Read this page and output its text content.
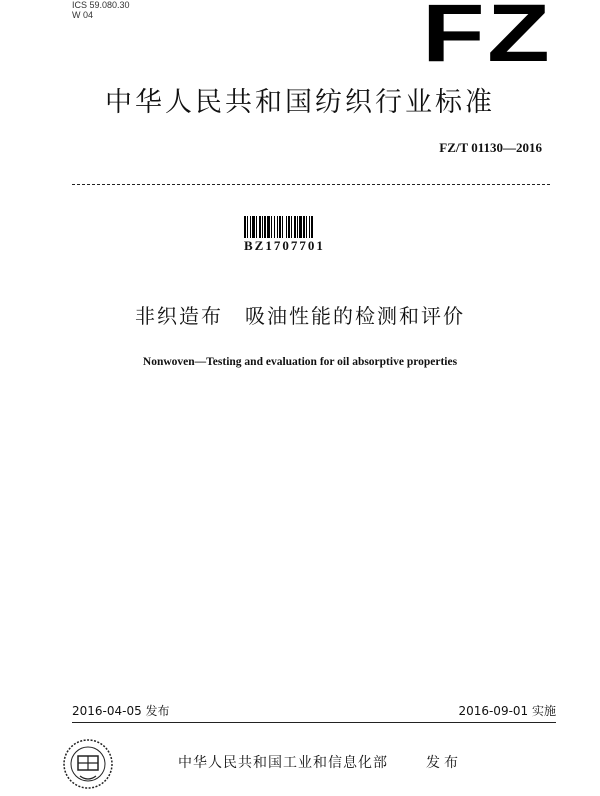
ICS 59.080.30
W 04	FZ
中华人民共和国纺织行业标准
FZ/T 01130—2016
BZ1707701
非织造布　吸油性能的检测和评价
Nonwoven—Testing and evaluation for oil absorptive properties
2016-04-05 发布	2016-09-01 实施
中华人民共和国工业和信息化部	发布
